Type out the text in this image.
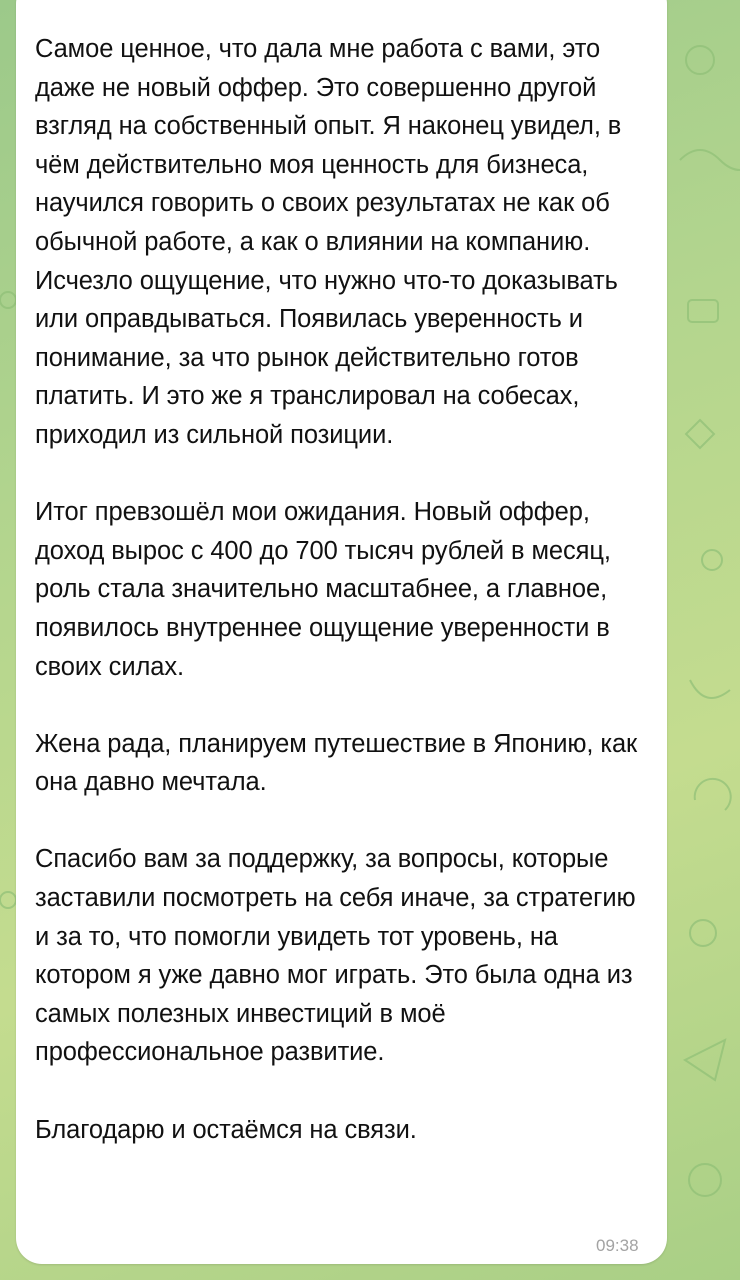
Самое ценное, что дала мне работа с вами, это даже не новый оффер. Это совершенно другой взгляд на собственный опыт. Я наконец увидел, в чём действительно моя ценность для бизнеса, научился говорить о своих результатах не как об обычной работе, а как о влиянии на компанию. Исчезло ощущение, что нужно что-то доказывать или оправдываться. Появилась уверенность и понимание, за что рынок действительно готов платить. И это же я транслировал на собесах, приходил из сильной позиции.

Итог превзошёл мои ожидания. Новый оффер, доход вырос с 400 до 700 тысяч рублей в месяц, роль стала значительно масштабнее, а главное, появилось внутреннее ощущение уверенности в своих силах.

Жена рада, планируем путешествие в Японию, как она давно мечтала.

Спасибо вам за поддержку, за вопросы, которые заставили посмотреть на себя иначе, за стратегию и за то, что помогли увидеть тот уровень, на котором я уже давно мог играть. Это была одна из самых полезных инвестиций в моё профессиональное развитие.

Благодарю и остаёмся на связи.

09:38
